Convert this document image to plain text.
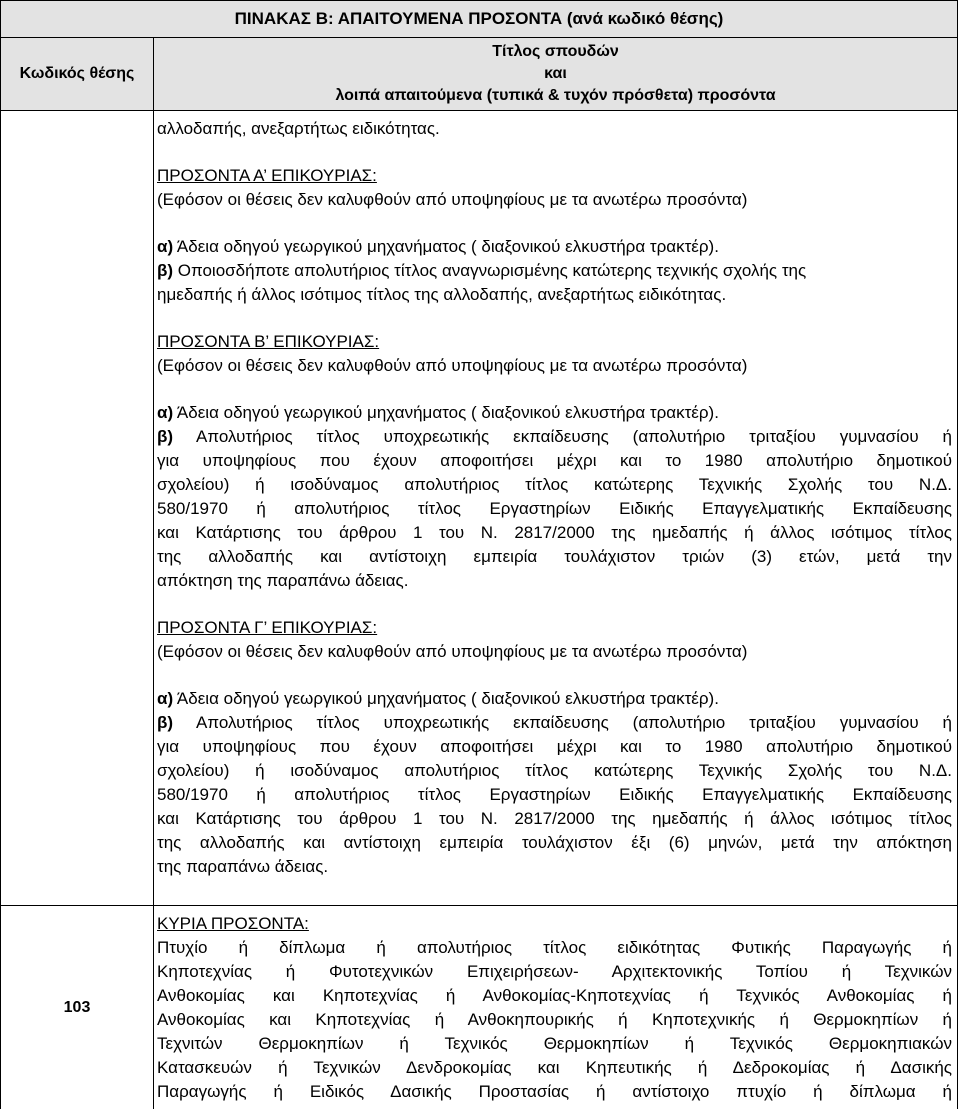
ΠΙΝΑΚΑΣ Β: ΑΠΑΙΤΟΥΜΕΝΑ ΠΡΟΣΟΝΤΑ (ανά κωδικό θέσης)
Κωδικός θέσης
Τίτλος σπουδών
και
λοιπά απαιτούμενα (τυπικά & τυχόν πρόσθετα) προσόντα
103
αλλοδαπής, ανεξαρτήτως ειδικότητας.
ΠΡΟΣΟΝΤΑ Α’ ΕΠΙΚΟΥΡΙΑΣ:
(Εφόσον οι θέσεις δεν καλυφθούν από υποψηφίους με τα ανωτέρω προσόντα)
α) Άδεια οδηγού γεωργικού μηχανήματος ( διαξονικού ελκυστήρα τρακτέρ).
β) Οποιοσδήποτε απολυτήριος τίτλος αναγνωρισμένης κατώτερης τεχνικής σχολής της
ημεδαπής ή άλλος ισότιμος τίτλος της αλλοδαπής, ανεξαρτήτως ειδικότητας.
ΠΡΟΣΟΝΤΑ Β’ ΕΠΙΚΟΥΡΙΑΣ:
(Εφόσον οι θέσεις δεν καλυφθούν από υποψηφίους με τα ανωτέρω προσόντα)
α) Άδεια οδηγού γεωργικού μηχανήματος ( διαξονικού ελκυστήρα τρακτέρ).
β) Απολυτήριος τίτλος υποχρεωτικής εκπαίδευσης (απολυτήριο τριταξίου γυμνασίου ή
για υποψηφίους που έχουν αποφοιτήσει μέχρι και το 1980 απολυτήριο δημοτικού
σχολείου) ή ισοδύναμος απολυτήριος τίτλος κατώτερης Τεχνικής Σχολής του Ν.Δ.
580/1970 ή απολυτήριος τίτλος Εργαστηρίων Ειδικής Επαγγελματικής Εκπαίδευσης
και Κατάρτισης του άρθρου 1 του Ν. 2817/2000 της ημεδαπής ή άλλος ισότιμος τίτλος
της αλλοδαπής και αντίστοιχη εμπειρία τουλάχιστον τριών (3) ετών, μετά την
απόκτηση της παραπάνω άδειας.
ΠΡΟΣΟΝΤΑ Γ’ ΕΠΙΚΟΥΡΙΑΣ:
(Εφόσον οι θέσεις δεν καλυφθούν από υποψηφίους με τα ανωτέρω προσόντα)
α) Άδεια οδηγού γεωργικού μηχανήματος ( διαξονικού ελκυστήρα τρακτέρ).
β) Απολυτήριος τίτλος υποχρεωτικής εκπαίδευσης (απολυτήριο τριταξίου γυμνασίου ή
για υποψηφίους που έχουν αποφοιτήσει μέχρι και το 1980 απολυτήριο δημοτικού
σχολείου) ή ισοδύναμος απολυτήριος τίτλος κατώτερης Τεχνικής Σχολής του Ν.Δ.
580/1970 ή απολυτήριος τίτλος Εργαστηρίων Ειδικής Επαγγελματικής Εκπαίδευσης
και Κατάρτισης του άρθρου 1 του Ν. 2817/2000 της ημεδαπής ή άλλος ισότιμος τίτλος
της αλλοδαπής και αντίστοιχη εμπειρία τουλάχιστον έξι (6) μηνών, μετά την απόκτηση
της παραπάνω άδειας.
ΚΥΡΙΑ ΠΡΟΣΟΝΤΑ:
Πτυχίο ή δίπλωμα ή απολυτήριος τίτλος ειδικότητας Φυτικής Παραγωγής ή
Κηποτεχνίας ή Φυτοτεχνικών Επιχειρήσεων- Αρχιτεκτονικής Τοπίου ή Τεχνικών
Ανθοκομίας και Κηποτεχνίας ή Ανθοκομίας-Κηποτεχνίας ή Τεχνικός Ανθοκομίας ή
Ανθοκομίας και Κηποτεχνίας ή Ανθοκηπουρικής ή Κηποτεχνικής ή Θερμοκηπίων ή
Τεχνιτών Θερμοκηπίων ή Τεχνικός Θερμοκηπίων ή Τεχνικός Θερμοκηπιακών
Κατασκευών ή Τεχνικών Δενδροκομίας και Κηπευτικής ή Δεδροκομίας ή Δασικής
Παραγωγής ή Ειδικός Δασικής Προστασίας ή αντίστοιχο πτυχίο ή δίπλωμα ή
